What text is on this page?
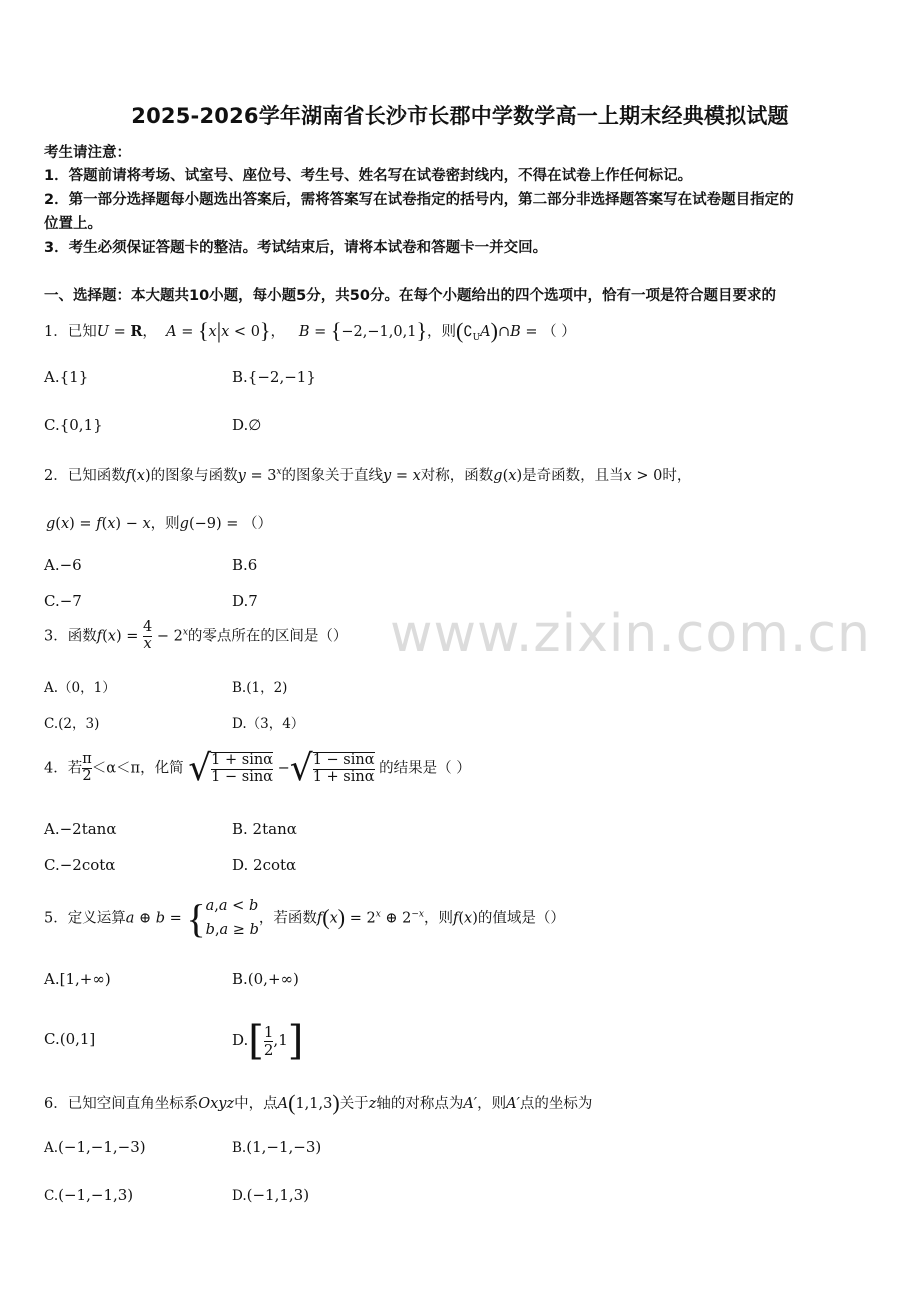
www.zixin.com.cn
2025-2026学年湖南省长沙市长郡中学数学高一上期末经典模拟试题
考生请注意：
1．答题前请将考场、试室号、座位号、考生号、姓名写在试卷密封线内，不得在试卷上作任何标记。
2．第一部分选择题每小题选出答案后，需将答案写在试卷指定的括号内，第二部分非选择题答案写在试卷题目指定的
位置上。
3．考生必须保证答题卡的整洁。考试结束后，请将本试卷和答题卡一并交回。
一、选择题：本大题共10小题，每小题5分，共50分。在每个小题给出的四个选项中，恰有一项是符合题目要求的
1．已知U = R， A = {x|x < 0}， B = {−2,−1,0,1}，则$(∁_UA)\cap B$ = （ ）
A.{1}	B.{−2,−1}
C.{0,1}	D.∅
2．已知函数f(x)的图象与函数$y = 3^x$的图象关于直线y = x对称，函数g(x)是奇函数，且当x > 0时，
g(x) = f(x) − x，则g(−9) = （）
A.−6	B.6
C.−7	D.7
3．函数$f(x) = \frac{4}{x} - 2^x$的零点所在的区间是（）
A.（0，1）	B.(1，2)
C.(2，3)	D.（3，4）
4．若 $\frac{\pi}{2} <\alpha<\pi$，化简 √ $\frac{1 + \sin\alpha}{1 - \sin\alpha}$ −√ $\frac{1 - \sin\alpha}{1 + \sin\alpha}$ 的结果是（ ）
A.−2tanα	B. 2tanα
C.−2cotα	D. 2cotα
5．定义运算a ⊕ b = { a,a < b
b,a ≥ b
，若函数$f(x) = 2^x$ ⊕ $2^{-x}$，则f(x)的值域是（）
A.[1,+∞)	B.(0,+∞)
C.(0,1]	$D.[ \frac{1}{2} ,1]$
6．已知空间直角坐标系Oxyz中，点A(1,1,3)关于z轴的对称点为A′，则A′点的坐标为
A.(−1,−1,−3)	B.(1,−1,−3)
C.(−1,−1,3)	D.(−1,1,3)
